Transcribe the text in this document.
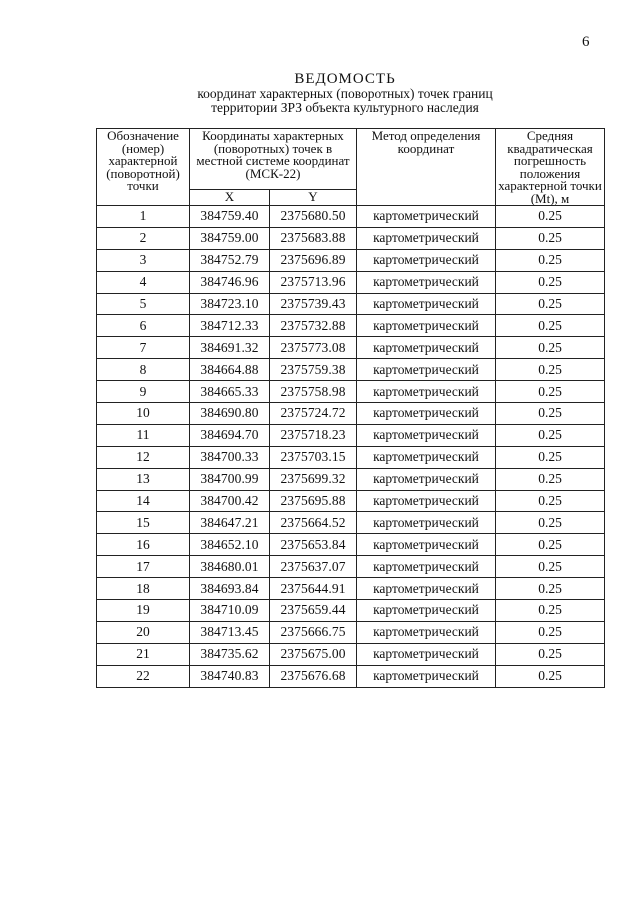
6
ВЕДОМОСТЬ
координат характерных (поворотных) точек границ
территории ЗРЗ объекта культурного наследия
Обозначение (номер) характерной (поворотной) точки	Координаты характерных (поворотных) точек в местной системе координат (МСК-22)		Метод определения координат	Средняя квадратическая погрешность положения характерной точки (Mt), м
	X	Y		
1	384759.40	2375680.50	картометрический	0.25
2	384759.00	2375683.88	картометрический	0.25
3	384752.79	2375696.89	картометрический	0.25
4	384746.96	2375713.96	картометрический	0.25
5	384723.10	2375739.43	картометрический	0.25
6	384712.33	2375732.88	картометрический	0.25
7	384691.32	2375773.08	картометрический	0.25
8	384664.88	2375759.38	картометрический	0.25
9	384665.33	2375758.98	картометрический	0.25
10	384690.80	2375724.72	картометрический	0.25
11	384694.70	2375718.23	картометрический	0.25
12	384700.33	2375703.15	картометрический	0.25
13	384700.99	2375699.32	картометрический	0.25
14	384700.42	2375695.88	картометрический	0.25
15	384647.21	2375664.52	картометрический	0.25
16	384652.10	2375653.84	картометрический	0.25
17	384680.01	2375637.07	картометрический	0.25
18	384693.84	2375644.91	картометрический	0.25
19	384710.09	2375659.44	картометрический	0.25
20	384713.45	2375666.75	картометрический	0.25
21	384735.62	2375675.00	картометрический	0.25
22	384740.83	2375676.68	картометрический	0.25
